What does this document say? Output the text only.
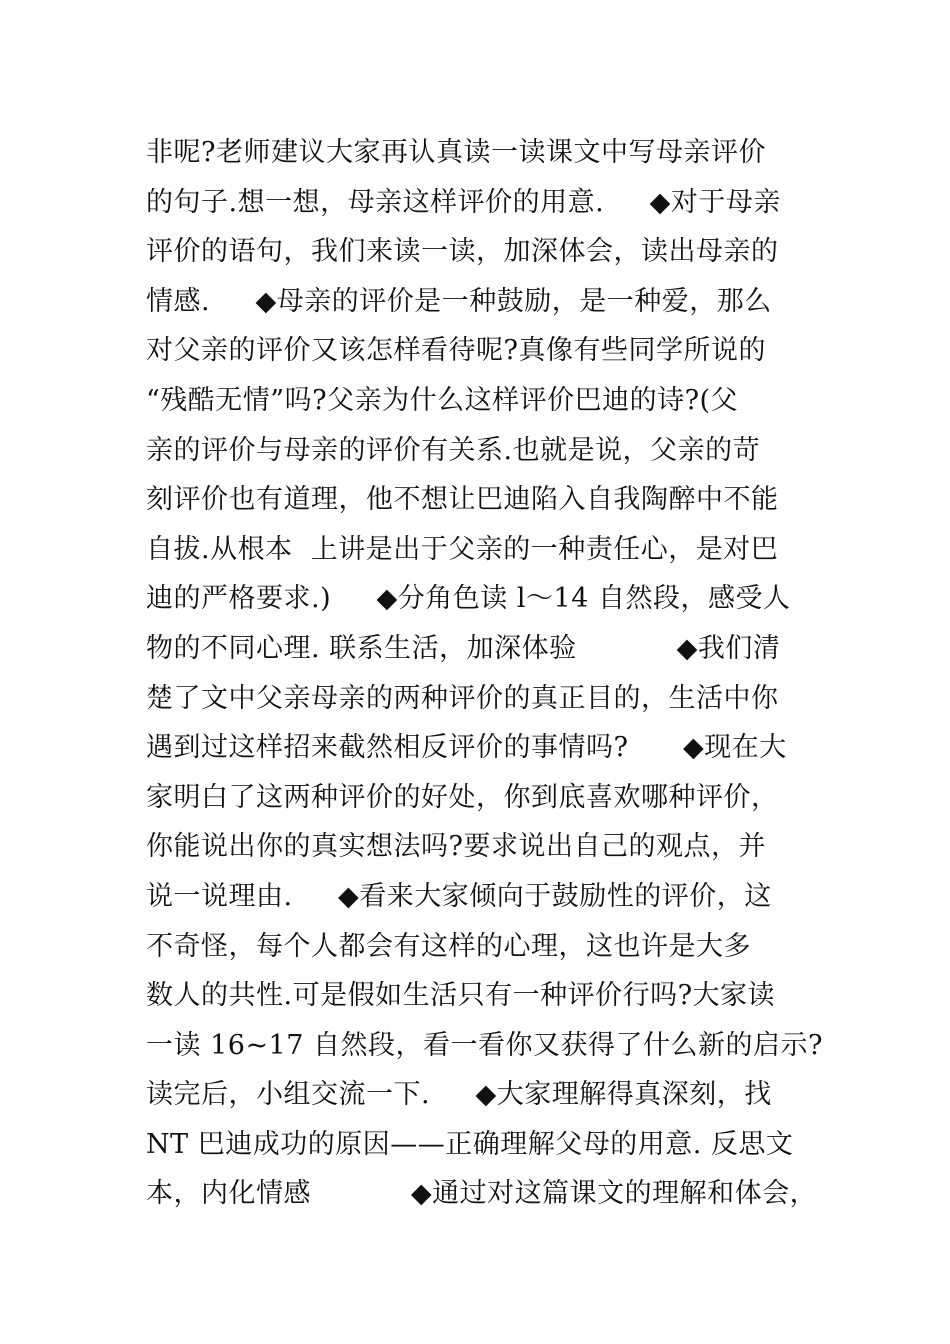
非呢?老师建议大家再认真读一读课文中写母亲评价
的句子.想一想，母亲这样评价的用意.     ◆对于母亲
评价的语句，我们来读一读，加深体会，读出母亲的
情感.     ◆母亲的评价是一种鼓励，是一种爱，那么
对父亲的评价又该怎样看待呢?真像有些同学所说的
“残酷无情”吗?父亲为什么这样评价巴迪的诗?(父
亲的评价与母亲的评价有关系.也就是说，父亲的苛
刻评价也有道理，他不想让巴迪陷入自我陶醉中不能
自拔.从根本  上讲是出于父亲的一种责任心，是对巴
迪的严格要求.)     ◆分角色读 l～14 自然段，感受人
物的不同心理. 联系生活，加深体验           ◆我们清
楚了文中父亲母亲的两种评价的真正目的，生活中你
遇到过这样招来截然相反评价的事情吗?      ◆现在大
家明白了这两种评价的好处，你到底喜欢哪种评价，
你能说出你的真实想法吗?要求说出自己的观点，并
说一说理由.     ◆看来大家倾向于鼓励性的评价，这
不奇怪，每个人都会有这样的心理，这也许是大多
数人的共性.可是假如生活只有一种评价行吗?大家读
一读 16~17 自然段，看一看你又获得了什么新的启示?
读完后，小组交流一下.     ◆大家理解得真深刻，找
NT 巴迪成功的原因——正确理解父母的用意. 反思文
本，内化情感           ◆通过对这篇课文的理解和体会，
